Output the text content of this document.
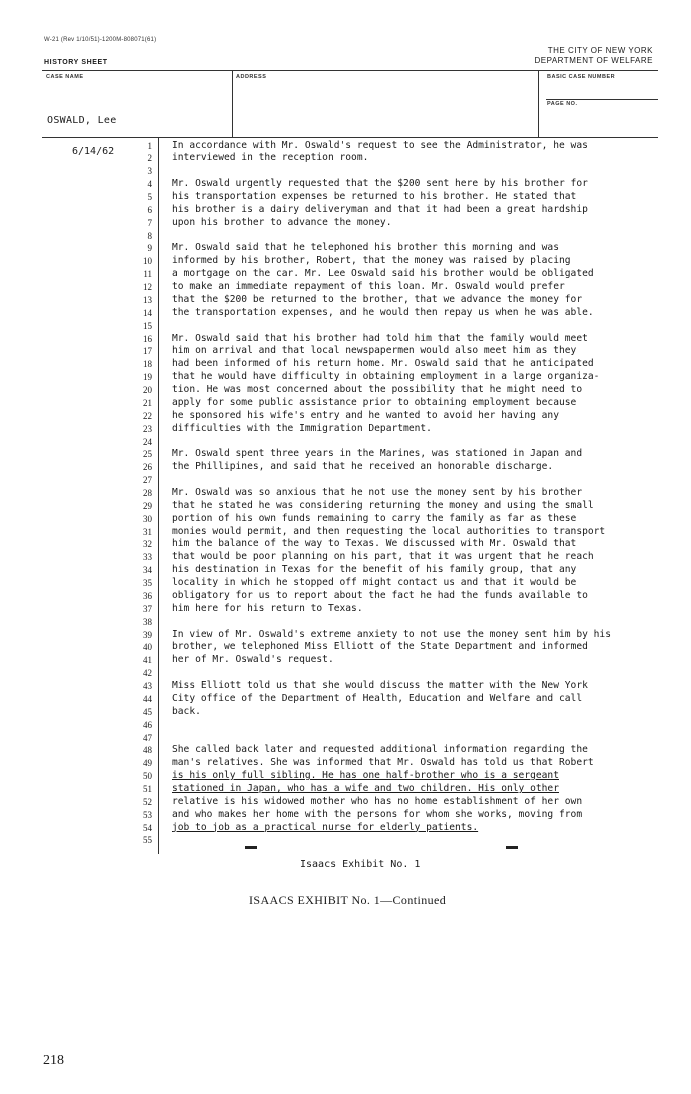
W-21 (Rev 1/10/51)-1200M-808071(61)
HISTORY SHEET
THE CITY OF NEW YORK
DEPARTMENT OF WELFARE
CASE NAME	ADDRESS	BASIC CASE NUMBER
PAGE NO.
OSWALD, Lee
6/14/62
1 In accordance with Mr. Oswald's request to see the Administrator, he was
2 interviewed in the reception room.
3
4 Mr. Oswald urgently requested that the $200 sent here by his brother for
5 his transportation expenses be returned to his brother. He stated that
6 his brother is a dairy deliveryman and that it had been a great hardship
7 upon his brother to advance the money.
8
9 Mr. Oswald said that he telephoned his brother this morning and was
10 informed by his brother, Robert, that the money was raised by placing
11 a mortgage on the car. Mr. Lee Oswald said his brother would be obligated
12 to make an immediate repayment of this loan. Mr. Oswald would prefer
13 that the $200 be returned to the brother, that we advance the money for
14 the transportation expenses, and he would then repay us when he was able.
15
16 Mr. Oswald said that his brother had told him that the family would meet
17 him on arrival and that local newspapermen would also meet him as they
18 had been informed of his return home. Mr. Oswald said that he anticipated
19 that he would have difficulty in obtaining employment in a large organiza-
20 tion. He was most concerned about the possibility that he might need to
21 apply for some public assistance prior to obtaining employment because
22 he sponsored his wife's entry and he wanted to avoid her having any
23 difficulties with the Immigration Department.
24
25 Mr. Oswald spent three years in the Marines, was stationed in Japan and
26 the Phillipines, and said that he received an honorable discharge.
27
28 Mr. Oswald was so anxious that he not use the money sent by his brother
29 that he stated he was considering returning the money and using the small
30 portion of his own funds remaining to carry the family as far as these
31 monies would permit, and then requesting the local authorities to transport
32 him the balance of the way to Texas. We discussed with Mr. Oswald that
33 that would be poor planning on his part, that it was urgent that he reach
34 his destination in Texas for the benefit of his family group, that any
35 locality in which he stopped off might contact us and that it would be
36 obligatory for us to report about the fact he had the funds available to
37 him here for his return to Texas.
38
39 In view of Mr. Oswald's extreme anxiety to not use the money sent him by his
40 brother, we telephoned Miss Elliott of the State Department and informed
41 her of Mr. Oswald's request.
42
43 Miss Elliott told us that she would discuss the matter with the New York
44 City office of the Department of Health, Education and Welfare and call
45 back.
46
47
48 She called back later and requested additional information regarding the
49 man's relatives. She was informed that Mr. Oswald has told us that Robert
50 is his only full sibling. He has one half-brother who is a sergeant
51 stationed in Japan, who has a wife and two children. His only other
52 relative is his widowed mother who has no home establishment of her own
53 and who makes her home with the persons for whom she works, moving from
54 job to job as a practical nurse for elderly patients.
55
Isaacs Exhibit No. 1
ISAACS EXHIBIT No. 1—Continued
218
